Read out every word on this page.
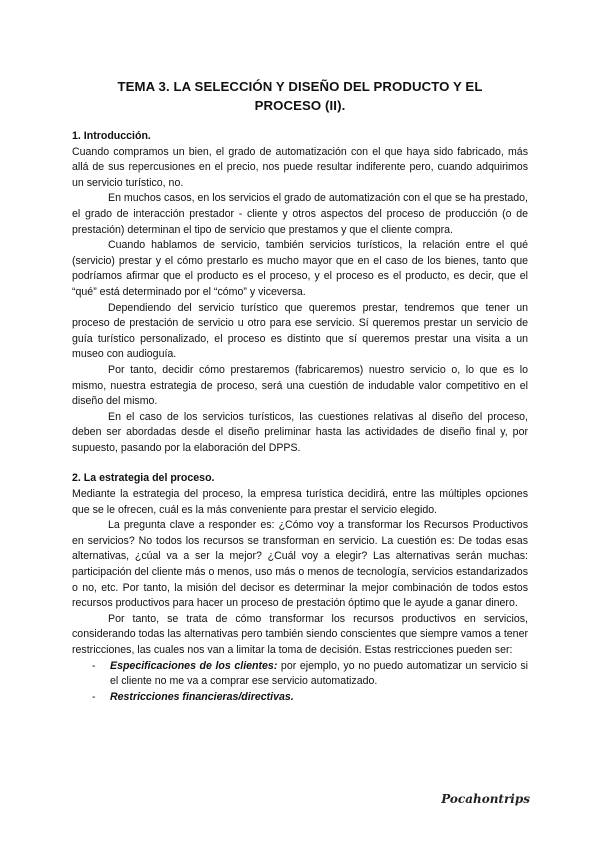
TEMA 3. LA SELECCIÓN Y DISEÑO DEL PRODUCTO Y EL
PROCESO (II).

1. Introducción.

Cuando compramos un bien, el grado de automatización con el que haya sido fabricado, más allá de sus repercusiones en el precio, nos puede resultar indiferente pero, cuando adquirimos un servicio turístico, no.

En muchos casos, en los servicios el grado de automatización con el que se ha prestado, el grado de interacción prestador - cliente y otros aspectos del proceso de producción (o de prestación) determinan el tipo de servicio que prestamos y que el cliente compra.

Cuando hablamos de servicio, también servicios turísticos, la relación entre el qué (servicio) prestar y el cómo prestarlo es mucho mayor que en el caso de los bienes, tanto que podríamos afirmar que el producto es el proceso, y el proceso es el producto, es decir, que el “qué” está determinado por el “cómo” y viceversa.

Dependiendo del servicio turístico que queremos prestar, tendremos que tener un proceso de prestación de servicio u otro para ese servicio. Sí queremos prestar un servicio de guía turístico personalizado, el proceso es distinto que sí queremos prestar una visita a un museo con audioguía.

Por tanto, decidir cómo prestaremos (fabricaremos) nuestro servicio o, lo que es lo mismo, nuestra estrategia de proceso, será una cuestión de indudable valor competitivo en el diseño del mismo.

En el caso de los servicios turísticos, las cuestiones relativas al diseño del proceso, deben ser abordadas desde el diseño preliminar hasta las actividades de diseño final y, por supuesto, pasando por la elaboración del DPPS.

2. La estrategia del proceso.

Mediante la estrategia del proceso, la empresa turística decidirá, entre las múltiples opciones que se le ofrecen, cuál es la más conveniente para prestar el servicio elegido.

La pregunta clave a responder es: ¿Cómo voy a transformar los Recursos Productivos en servicios? No todos los recursos se transforman en servicio. La cuestión es: De todas esas alternativas, ¿cúal va a ser la mejor? ¿Cuál voy a elegir? Las alternativas serán muchas: participación del cliente más o menos, uso más o menos de tecnología, servicios estandarizados o no, etc. Por tanto, la misión del decisor es determinar la mejor combinación de todos estos recursos productivos para hacer un proceso de prestación óptimo que le ayude a ganar dinero.

Por tanto, se trata de cómo transformar los recursos productivos en servicios, considerando todas las alternativas pero también siendo conscientes que siempre vamos a tener restricciones, las cuales nos van a limitar la toma de decisión. Estas restricciones pueden ser:

- Especificaciones de los clientes: por ejemplo, yo no puedo automatizar un servicio si el cliente no me va a comprar ese servicio automatizado.
- Restricciones financieras/directivas.
Pocahontrips
